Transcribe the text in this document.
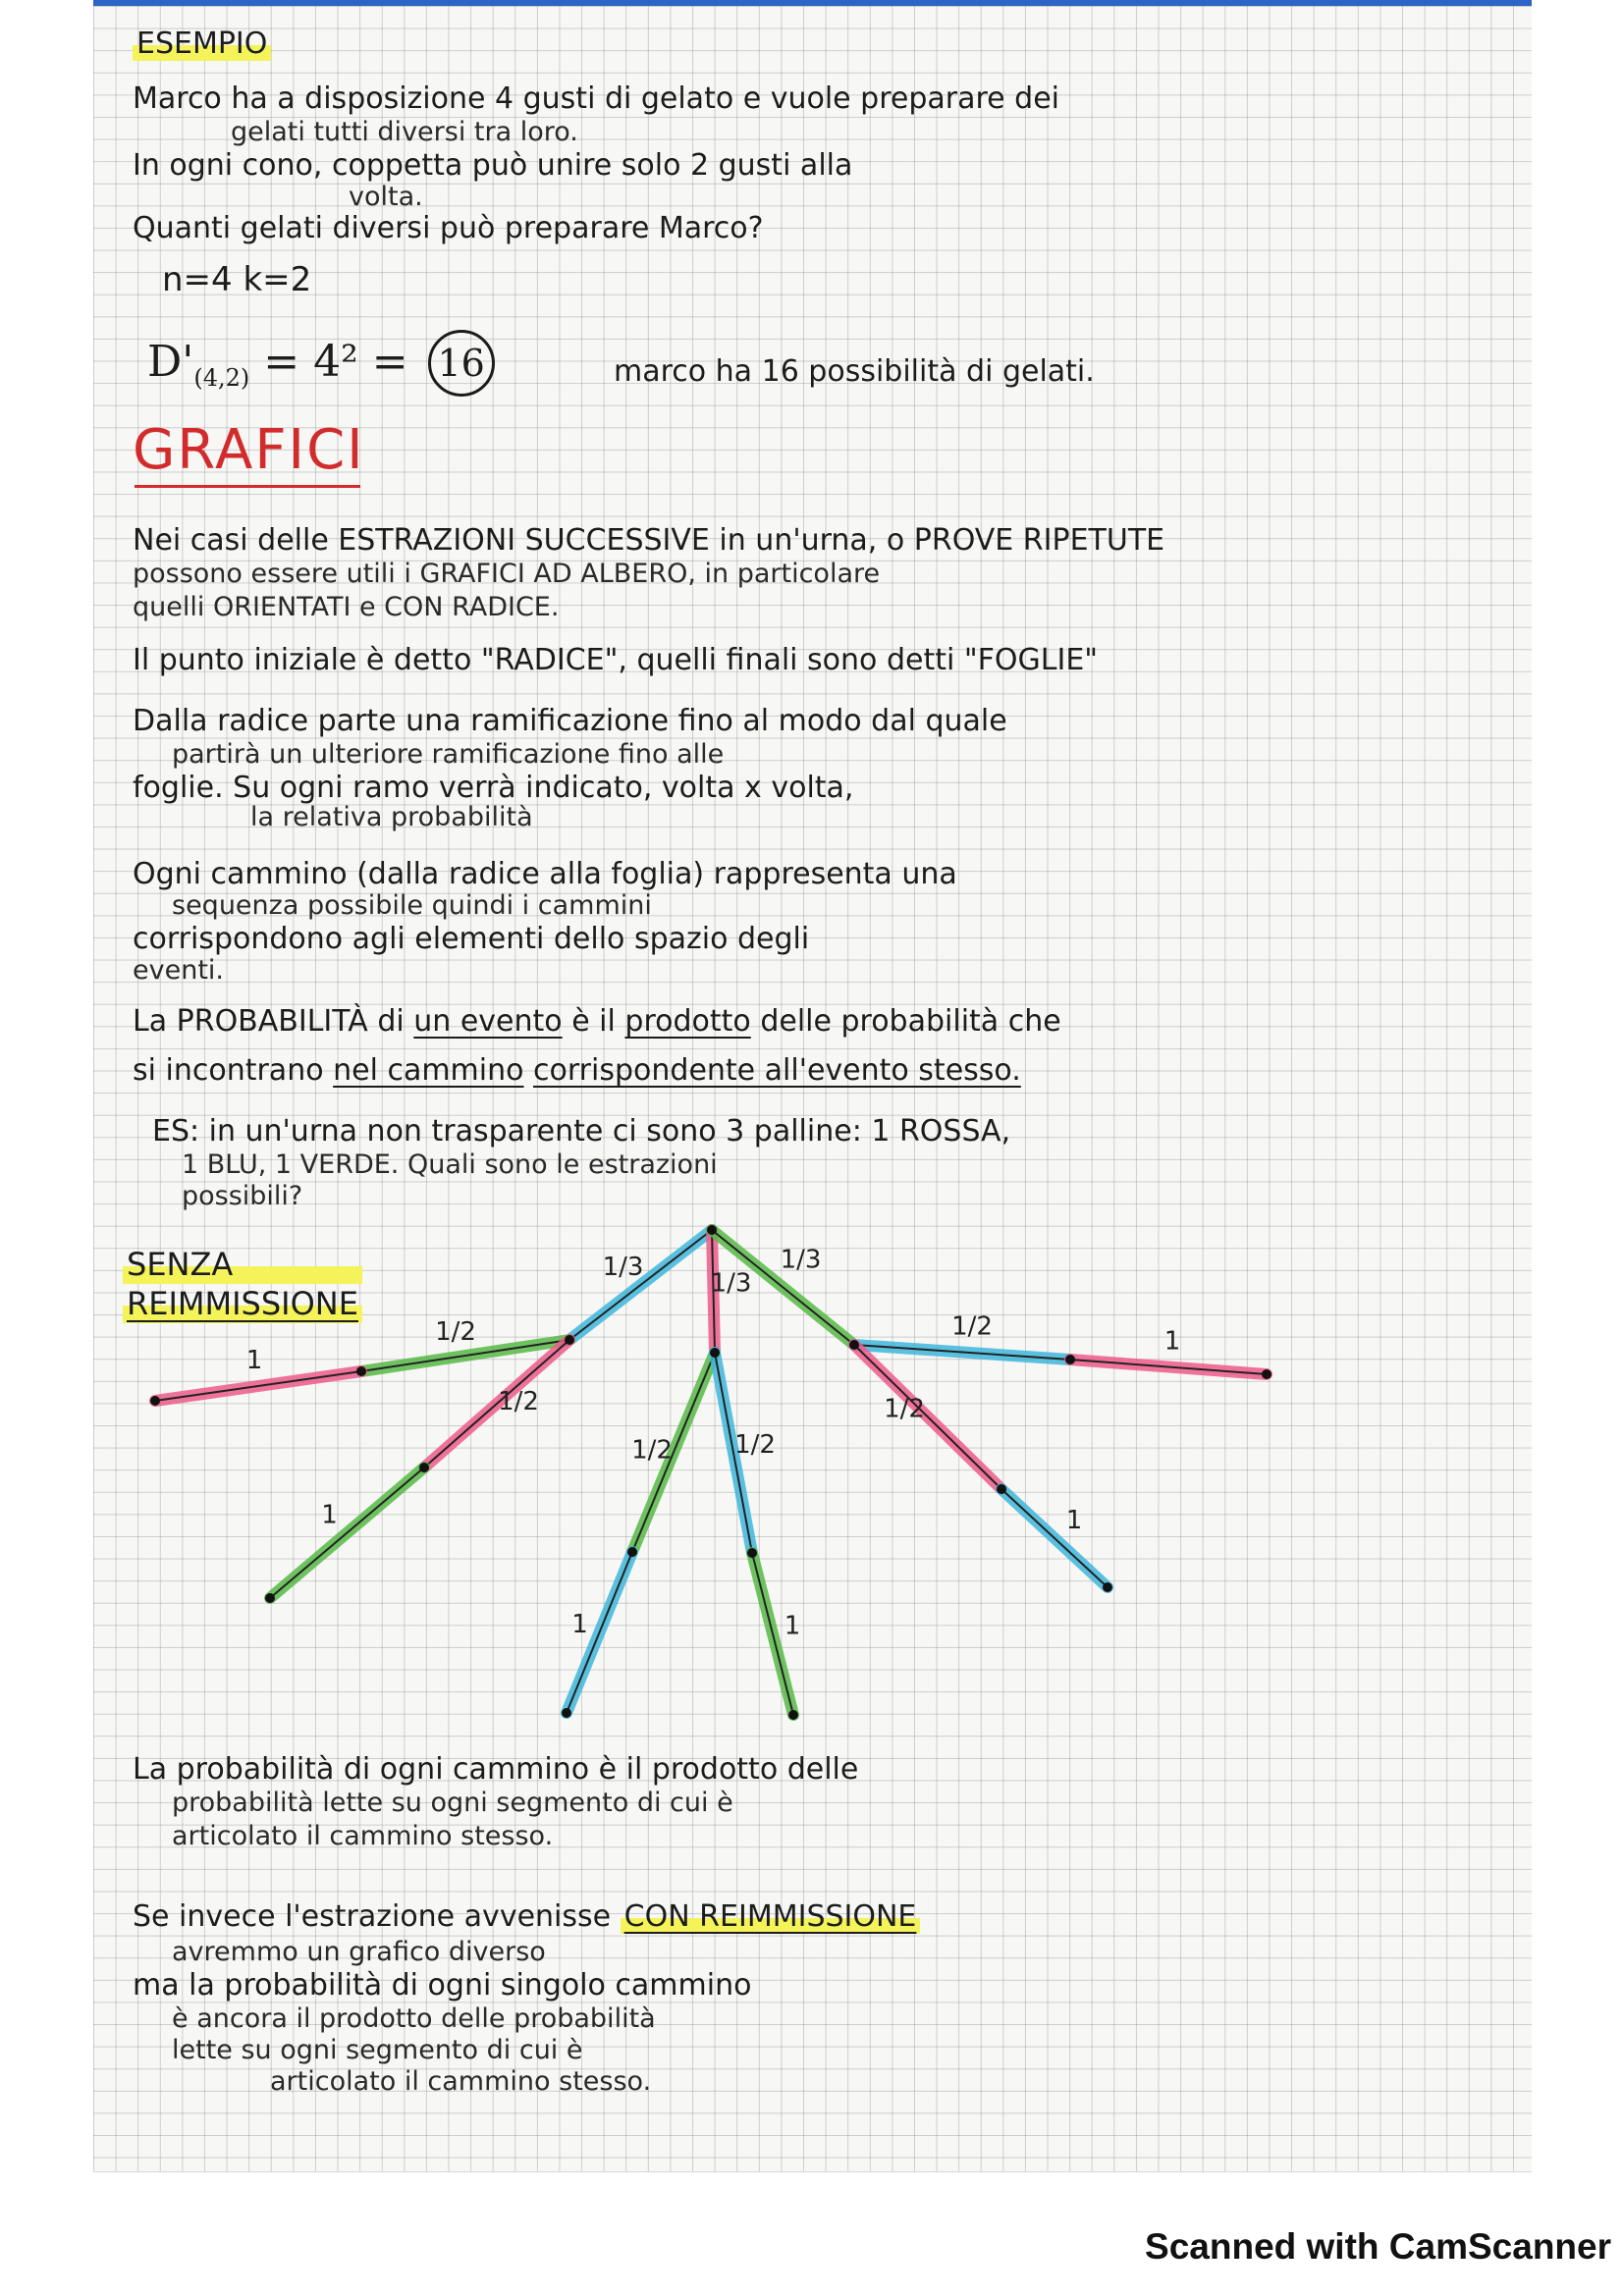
ESEMPIO
Marco ha a disposizione 4 gusti di gelato e vuole preparare dei
gelati tutti diversi tra loro.
In ogni cono, coppetta può unire solo 2 gusti alla
volta.
Quanti gelati diversi può preparare Marco?
n=4 k=2
$D'_{(4,2)} = 4^2 = 16$	marco ha 16 possibilità di gelati.
GRAFICI
Nei casi delle ESTRAZIONI SUCCESSIVE in un'urna, o PROVE RIPETUTE
possono essere utili i GRAFICI AD ALBERO, in particolare
quelli ORIENTATI e CON RADICE.
Il punto iniziale è detto "RADICE", quelli finali sono detti "FOGLIE"
Dalla radice parte una ramificazione fino al modo dal quale
partirà un ulteriore ramificazione fino alle
foglie. Su ogni ramo verrà indicato, volta x volta,
la relativa probabilità
Ogni cammino (dalla radice alla foglia) rappresenta una
sequenza possibile quindi i cammini
corrispondono agli elementi dello spazio degli
eventi.
La PROBABILITÀ di un evento è il prodotto delle probabilità che
si incontrano nel cammino corrispondente all'evento stesso.
ES: in un'urna non trasparente ci sono 3 palline: 1 ROSSA,
1 BLU, 1 VERDE. Quali sono le estrazioni
possibili?
SENZA
REIMMISSIONE
La probabilità di ogni cammino è il prodotto delle
probabilità lette su ogni segmento di cui è
articolato il cammino stesso.
Se invece l'estrazione avvenisse CON REIMMISSIONE
avremmo un grafico diverso
ma la probabilità di ogni singolo cammino
è ancora il prodotto delle probabilità
lette su ogni segmento di cui è
articolato il cammino stesso.
1/3
1/3
1/3
1/2
1/2
1/2 1/2
1/2
1/2
1
1
1	1
1
1
Scanned with CamScanner
